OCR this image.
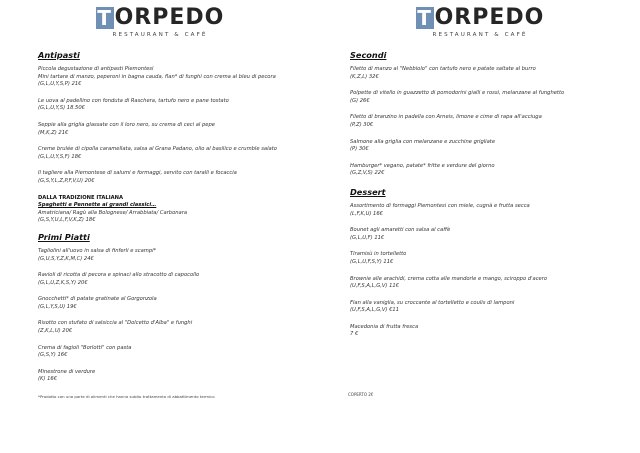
T ORPEDO
RESTAURANT & CAFÉ
Antipasti
Piccola degustazione di antipasti Piemontesi
Mini tartare di manzo, peperoni in bagna cauda, flan* di funghi con crema al bleu di pecora
(G,L,U,Y,S,P) 21€
Le uova al padellino con fonduta di Raschera, tartufo nero e pane tostato
(G,L,U,Y,S) 18.50€
Seppie alla griglia glassate con il loro nero, su crema di ceci al pepe
(M,K,Z) 21€
Creme brulée di cipolla caramellata, salsa al Grana Padano, olio al basilico e crumble salato
(G,L,U,Y,S,F) 18€
Il tagliere alla Piemontese di salumi e formaggi, servito con taralli e focaccia
(G,S,Y,L,Z,P,F,V,U) 20€
DALLA TRADIZIONE ITALIANA
Spaghetti e Pennette ai grandi classici…
Amatriciana/ Ragù alla Bolognese/ Arrabbiata/ Carbonara
(G,S,Y,U,L,F,V,K,Z) 18€
Primi Piatti
Tagliolini all'uovo in salsa di finferli e scampi*
(G,U,S,Y,Z,K,M,C) 24€
Ravioli di ricotta di pecora e spinaci allo stracotto di capocollo
(G,L,U,Z,K,S,Y) 20€
Gnocchetti* di patate gratinate al Gorgonzola
(G,L,Y,S,U) 19€
Risotto con stufato di salsiccia al "Dolcetto d'Alba" e funghi
(Z,K,L,U) 20€
Crema di fagioli "Borlotti" con pasta
(G,S,Y) 16€
Minestrone di verdure
(K) 16€
*Prodotto con una parte di alimenti che hanno subito trattamento di abbattimento termico
T ORPEDO
RESTAURANT & CAFÉ
Secondi
Filetto di manzo al "Nebbiolo" con tartufo nero e patate saltate al burro
(K,Z,L) 32€
Polpette di vitello in guazzetto di pomodorini gialli e rossi, melanzane al funghetto
(G) 26€
Filetto di branzino in padella con Arneis, limone e cime di rapa all'acciuga
(P,Z) 30€
Salmone alla griglia con melanzane e zucchine grigliate
(P) 30€
Hamburger* vegano, patate* fritte e verdure del giorno
(G,Z,V,S) 22€
Dessert
Assortimento di formaggi Piemontesi con miele, cugnà e frutta secca
(L,F,K,U) 16€
Bounet agli amaretti con salsa al caffè
(G,L,U,F) 11€
Tiramisù in tortelletto
(G,L,U,F,S,Y) 11€
Brownie alle arachidi, crema cotta alle mandorle e mango, sciroppo d'acero
(U,F,S,A,L,G,V) 11€
Flan alla vaniglia, su croccante al tortelletto e coulis di lamponi
(U,F,S,A,L,G,V) €11
Macedonia di frutta fresca
7 €
COPERTO 2€
